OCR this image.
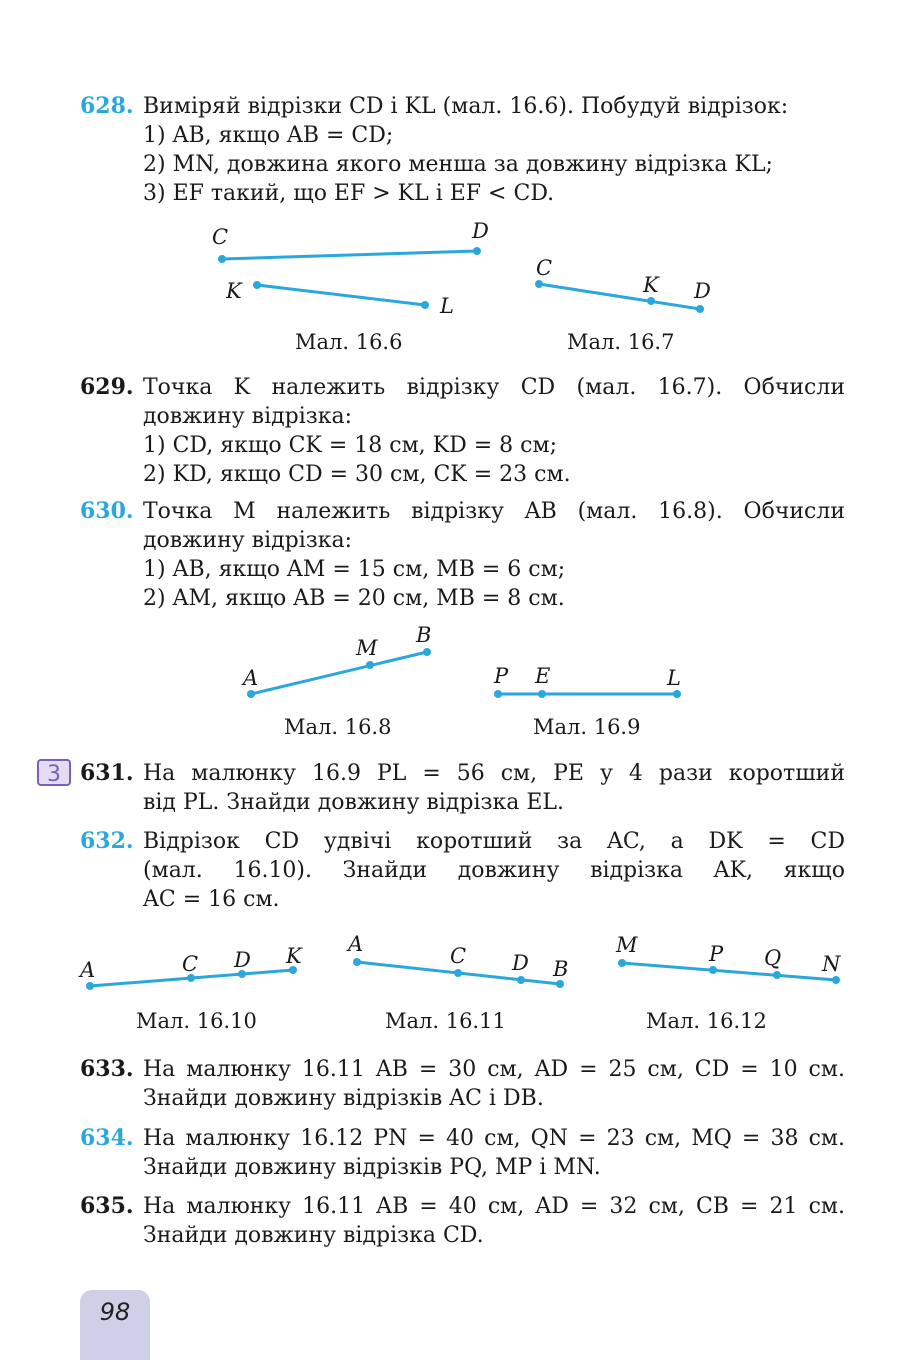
628. Виміряй відрізки CD і KL (мал. 16.6). Побудуй відрізок:
1) AB, якщо AB = CD;
2) MN, довжина якого менша за довжину відрізка KL;
3) EF такий, що EF > KL і EF < CD.
629. Точка K належить відрізку CD (мал. 16.7). Обчисли
довжину відрізка:
1) CD, якщо CK = 18 см, KD = 8 см;
2) KD, якщо CD = 30 см, CK = 23 см.
630. Точка M належить відрізку AB (мал. 16.8). Обчисли
довжину відрізка:
1) AB, якщо AM = 15 см, MB = 6 см;
2) AM, якщо AB = 20 см, MB = 8 см.
3 631. На малюнку 16.9 PL = 56 см, PE у 4 рази коротший
від PL. Знайди довжину відрізка EL.
632. Відрізок CD удвічі коротший за AC, а DK = CD
(мал. 16.10). Знайди довжину відрізка AK, якщо
AC = 16 см.
633. На малюнку 16.11 AB = 30 см, AD = 25 см, CD = 10 см.
Знайди довжину відрізків AC і DB.
634. На малюнку 16.12 PN = 40 см, QN = 23 см, MQ = 38 см.
Знайди довжину відрізків PQ, MP і MN.
635. На малюнку 16.11 AB = 40 см, AD = 32 см, CB = 21 см.
Знайди довжину відрізка CD.
C	D
K
L
C
K D
A
M
B
P E	L
A	C D K A	C D B
M	P Q N
Мал. 16.6	Мал. 16.7
Мал. 16.8	Мал. 16.9
Мал. 16.10	Мал. 16.11	Мал. 16.12
98
